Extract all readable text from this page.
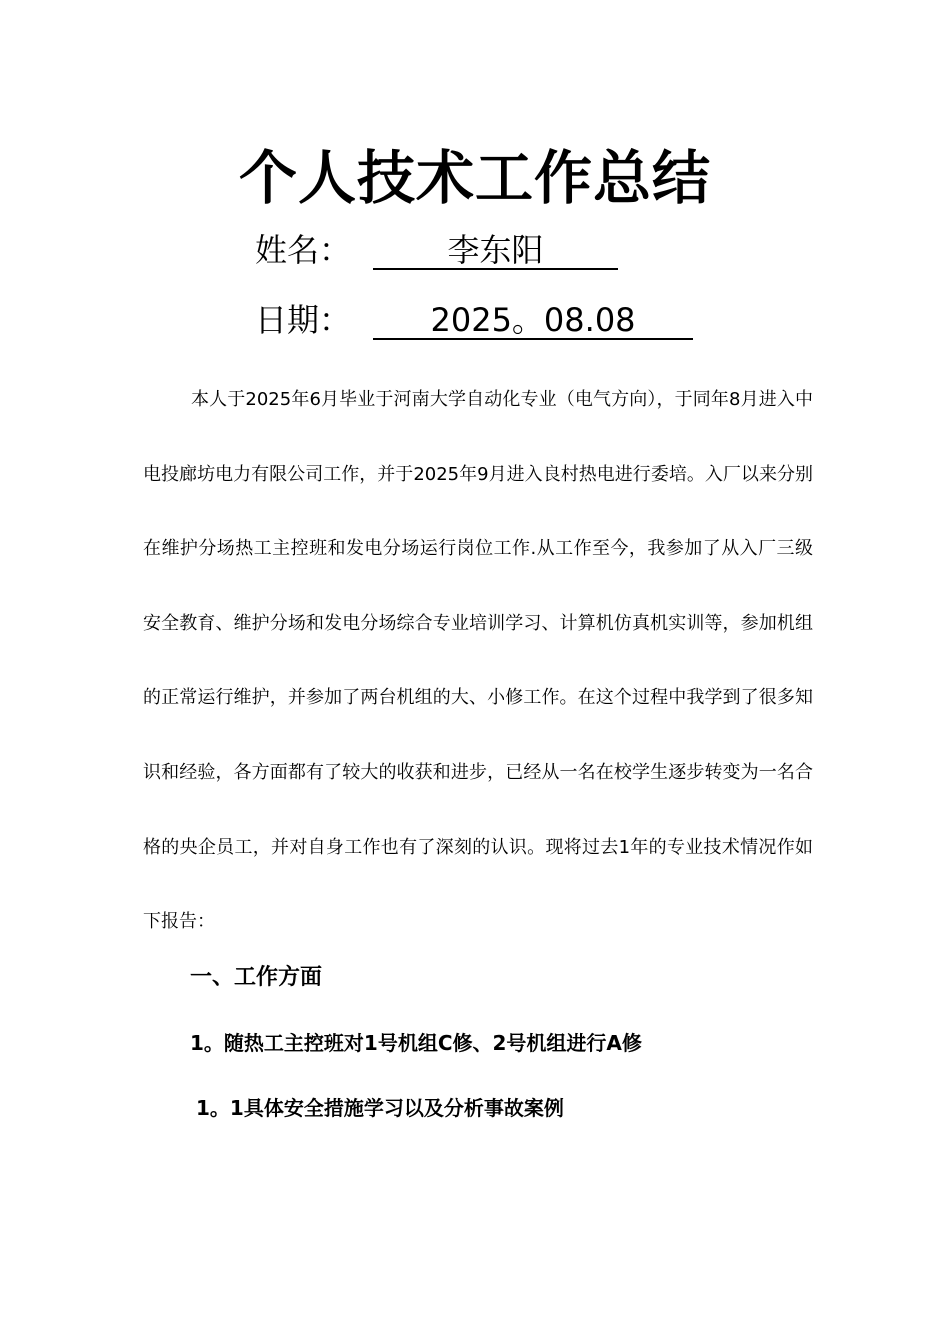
个人技术工作总结
姓名：	李东阳
日期： 2025。08.08

本人于2025年6月毕业于河南大学自动化专业（电气方向），于同年8月进入中电投廊坊电力有限公司工作，并于2025年9月进入良村热电进行委培。入厂以来分别在维护分场热工主控班和发电分场运行岗位工作.从工作至今，我参加了从入厂三级安全教育、维护分场和发电分场综合专业培训学习、计算机仿真机实训等，参加机组的正常运行维护，并参加了两台机组的大、小修工作。在这个过程中我学到了很多知识和经验，各方面都有了较大的收获和进步，已经从一名在校学生逐步转变为一名合格的央企员工，并对自身工作也有了深刻的认识。现将过去1年的专业技术情况作如下报告：

一、工作方面
1。随热工主控班对1号机组C修、2号机组进行A修
1。1具体安全措施学习以及分析事故案例
